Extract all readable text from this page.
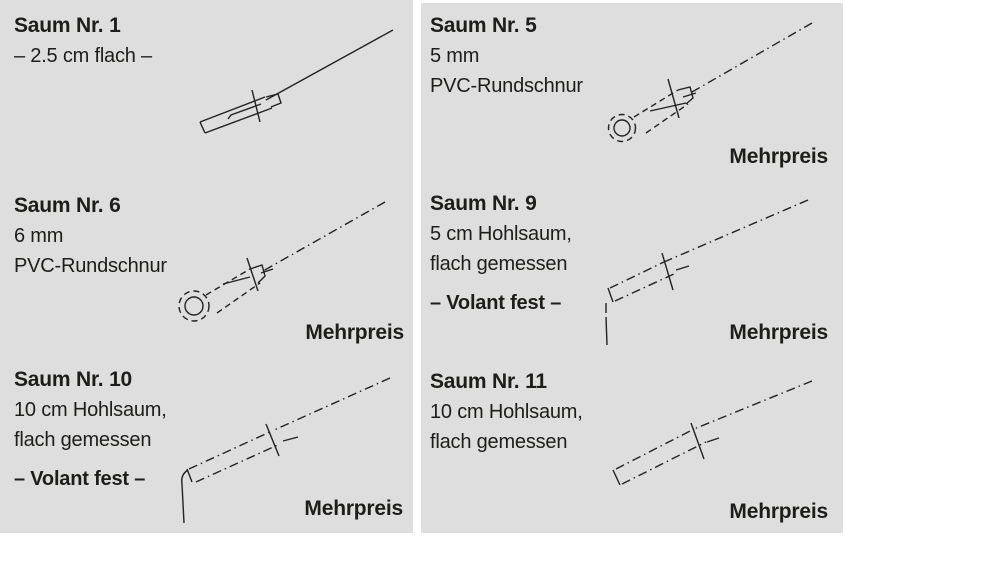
Saum Nr. 1

– 2.5 cm flach –

Saum Nr. 5

5 mm

PVC-Rundschnur

Mehrpreis
Saum Nr. 6

6 mm

PVC-Rundschnur

Mehrpreis
Saum Nr. 9

5 cm Hohlsaum,

flach gemessen

– Volant fest –
Mehrpreis
Saum Nr. 10

10 cm Hohlsaum,

flach gemessen

– Volant fest –
Mehrpreis
Saum Nr. 11

10 cm Hohlsaum,

flach gemessen

Mehrpreis
